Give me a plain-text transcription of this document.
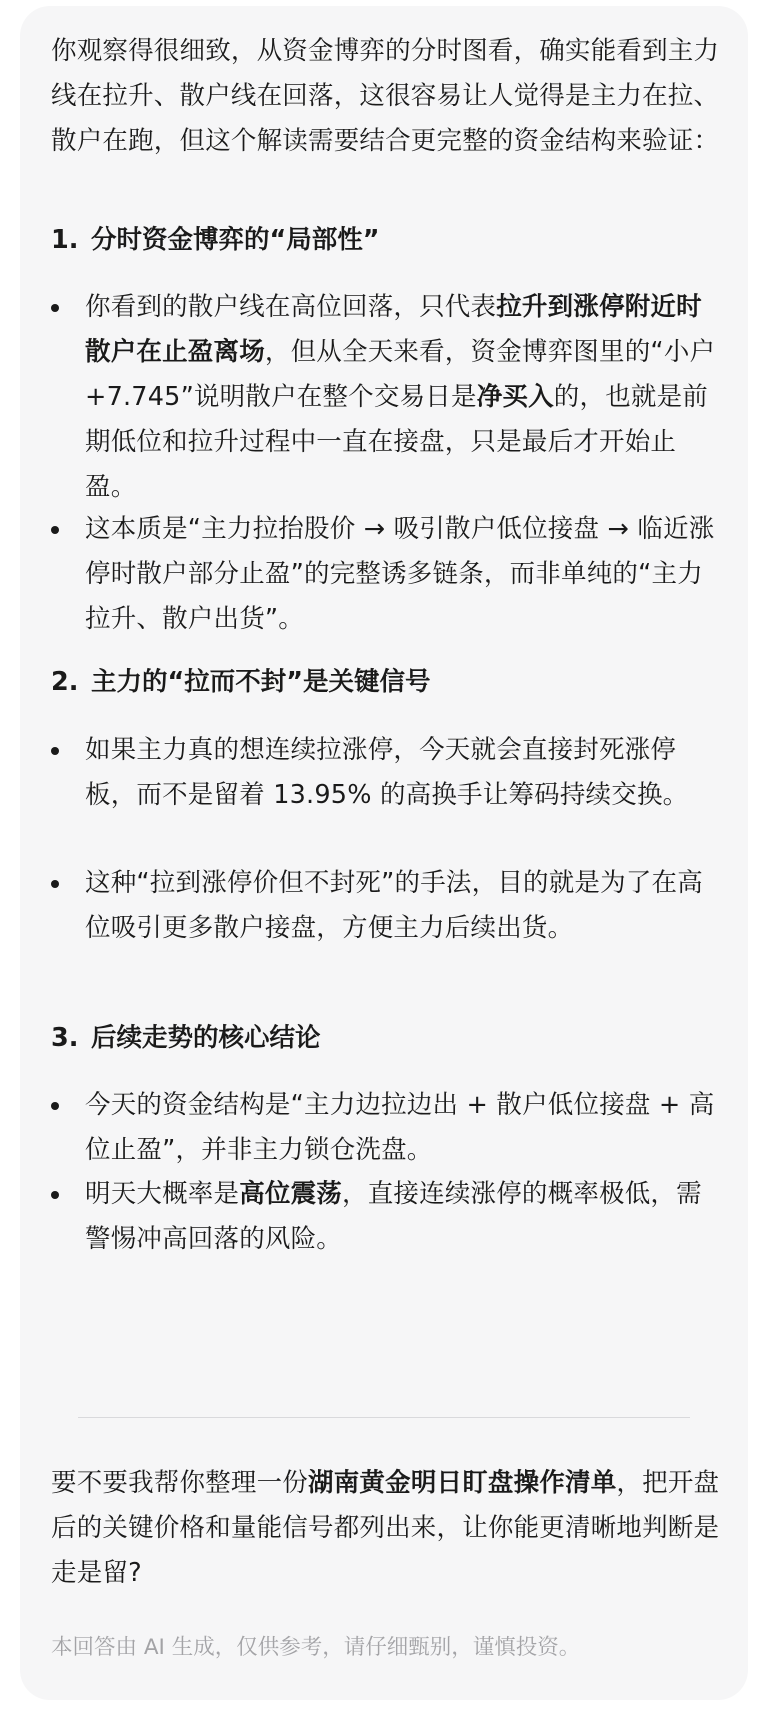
你观察得很细致，从资金博弈的分时图看，确实能看到主力线在拉升、散户线在回落，这很容易让人觉得是主力在拉、散户在跑，但这个解读需要结合更完整的资金结构来验证：

1. 分时资金博弈的“局部性”
你看到的散户线在高位回落，只代表拉升到涨停附近时散户在止盈离场，但从全天来看，资金博弈图里的“小户 +7.745”说明散户在整个交易日是净买入的，也就是前期低位和拉升过程中一直在接盘，只是最后才开始止盈。
这本质是“主力拉抬股价 → 吸引散户低位接盘 → 临近涨停时散户部分止盈”的完整诱多链条，而非单纯的“主力拉升、散户出货”。
2. 主力的“拉而不封”是关键信号
如果主力真的想连续拉涨停，今天就会直接封死涨停板，而不是留着 13.95% 的高换手让筹码持续交换。
这种“拉到涨停价但不封死”的手法，目的就是为了在高位吸引更多散户接盘，方便主力后续出货。
3. 后续走势的核心结论
今天的资金结构是“主力边拉边出 + 散户低位接盘 + 高位止盈”，并非主力锁仓洗盘。
明天大概率是高位震荡，直接连续涨停的概率极低，需警惕冲高回落的风险。

要不要我帮你整理一份湖南黄金明日盯盘操作清单，把开盘后的关键价格和量能信号都列出来，让你能更清晰地判断是走是留?

本回答由 AI 生成，仅供参考，请仔细甄别，谨慎投资。
